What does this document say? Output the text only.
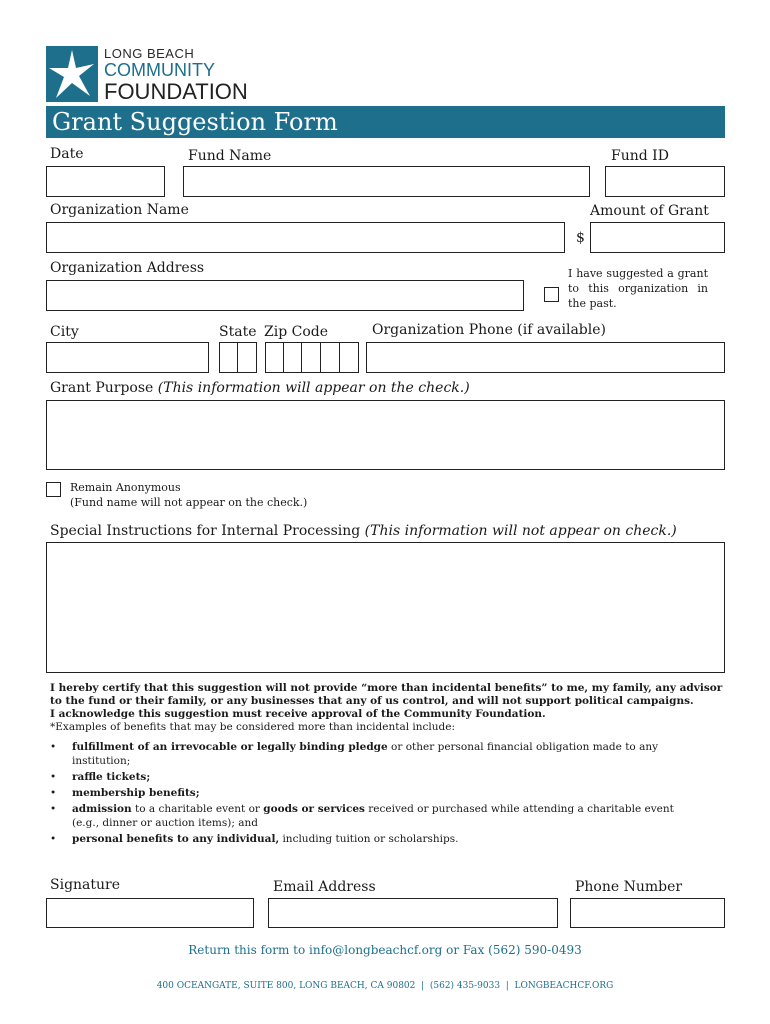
LONG BEACH
COMMUNITY
FOUNDATION
Grant Suggestion Form
Date	Fund Name	Fund ID
Organization Name	Amount of Grant
$
Organization Address	I have suggested a grant to this organization in the past.
City	State Zip Code	Organization Phone (if available)
Grant Purpose (This information will appear on the check.)
Remain Anonymous
(Fund name will not appear on the check.)
Special Instructions for Internal Processing (This information will not appear on check.)
I hereby certify that this suggestion will not provide “more than incidental benefits” to me, my family, any advisor
to the fund or their family, or any businesses that any of us control, and will not support political campaigns.
I acknowledge this suggestion must receive approval of the Community Foundation.
*Examples of benefits that may be considered more than incidental include:
• fulfillment of an irrevocable or legally binding pledge or other personal financial obligation made to any institution;
• raffle tickets;
• membership benefits;
• admission to a charitable event or goods or services received or purchased while attending a charitable event (e.g., dinner or auction items); and
• personal benefits to any individual, including tuition or scholarships.
Signature	Email Address	Phone Number
Return this form to info@longbeachcf.org or Fax (562) 590-0493
400 OCEANGATE, SUITE 800, LONG BEACH, CA 90802  |  (562) 435-9033  |  LONGBEACHCF.ORG
